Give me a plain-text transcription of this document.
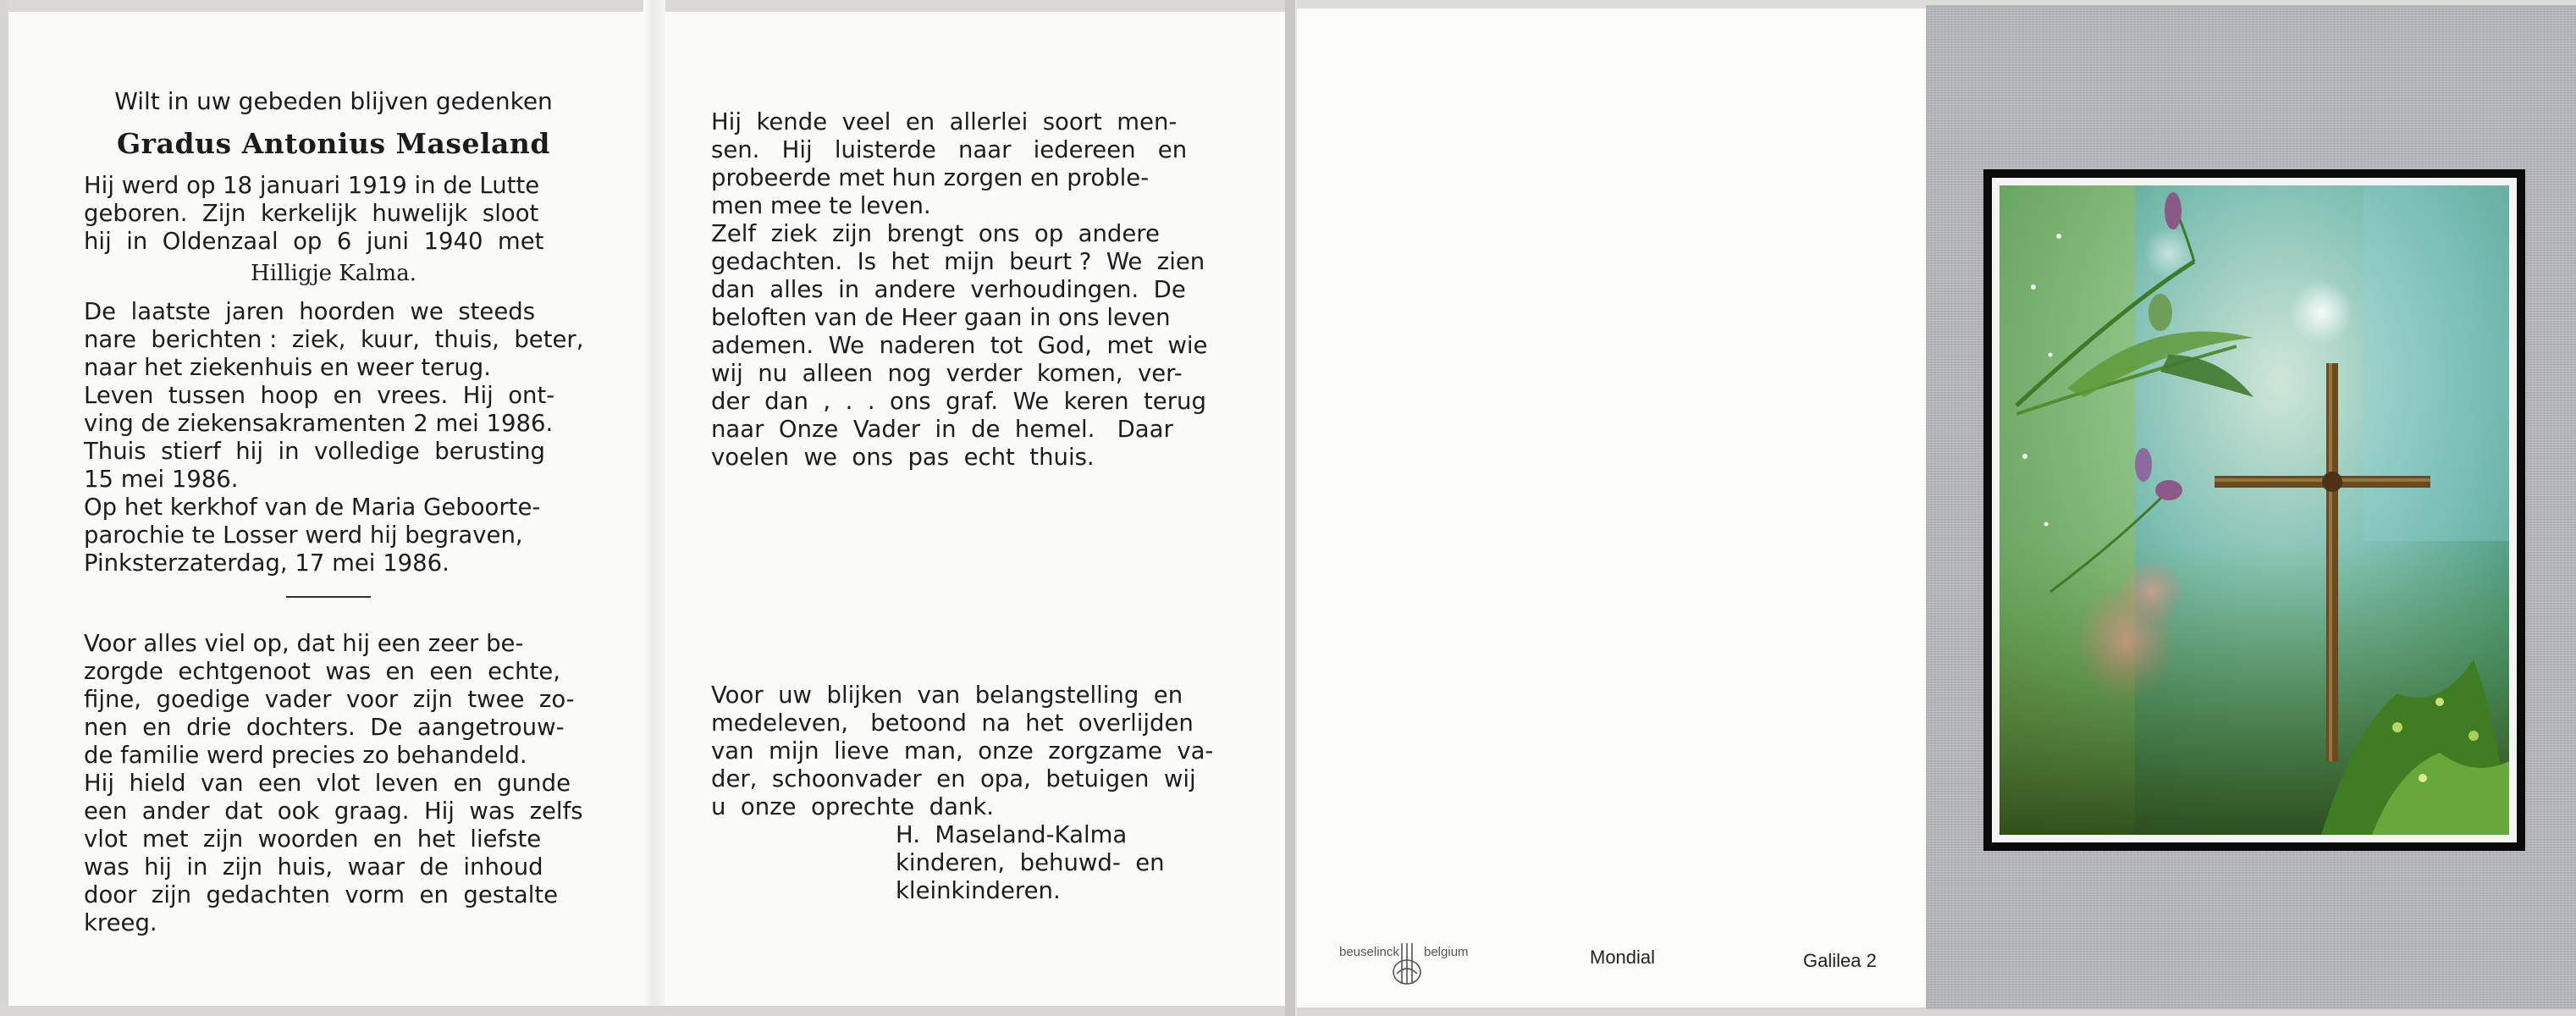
Wilt in uw gebeden blijven gedenken
Gradus Antonius Maseland

Hij werd op 18 januari 1919 in de Lutte

geboren.  Zijn  kerkelijk  huwelijk  sloot

hij  in  Oldenzaal  op  6  juni  1940  met

Hilligje Kalma.

De  laatste  jaren  hoorden  we  steeds

nare  berichten :  ziek,  kuur,  thuis,  beter,

naar het ziekenhuis en weer terug.

Leven  tussen  hoop  en  vrees.  Hij  ont-

ving de ziekensakramenten 2 mei 1986.

Thuis  stierf  hij  in  volledige  berusting

15 mei 1986.

Op het kerkhof van de Maria Geboorte-

parochie te Losser werd hij begraven,

Pinksterzaterdag, 17 mei 1986.

Voor alles viel op, dat hij een zeer be-

zorgde  echtgenoot  was  en  een  echte,

fijne,  goedige  vader  voor  zijn  twee  zo-

nen  en  drie  dochters.  De  aangetrouw-

de familie werd precies zo behandeld.

Hij  hield  van  een  vlot  leven  en  gunde

een  ander  dat  ook  graag.  Hij  was  zelfs

vlot  met  zijn  woorden  en  het  liefste

was  hij  in  zijn  huis,  waar  de  inhoud

door  zijn  gedachten  vorm  en  gestalte

kreeg.

Hij  kende  veel  en  allerlei  soort  men-

sen.   Hij   luisterde   naar   iedereen   en

probeerde met hun zorgen en proble-

men mee te leven.

Zelf  ziek  zijn  brengt  ons  op  andere

gedachten.  Is  het  mijn  beurt ?  We  zien

dan  alles  in  andere  verhoudingen.  De

beloften van de Heer gaan in ons leven

ademen.  We  naderen  tot  God,  met  wie

wij  nu  alleen  nog  verder  komen,  ver-

der  dan  ,  .  .  ons  graf.  We  keren  terug

naar  Onze  Vader  in  de  hemel.   Daar

voelen  we  ons  pas  echt  thuis.

Voor  uw  blijken  van  belangstelling  en

medeleven,   betoond  na  het  overlijden

van  mijn  lieve  man,  onze  zorgzame  va-

der,  schoonvader  en  opa,  betuigen  wij

u  onze  oprechte  dank.

H.  Maseland-Kalma

kinderen,  behuwd-  en

kleinkinderen.

beuselinck belgium	Mondial	Galilea 2
